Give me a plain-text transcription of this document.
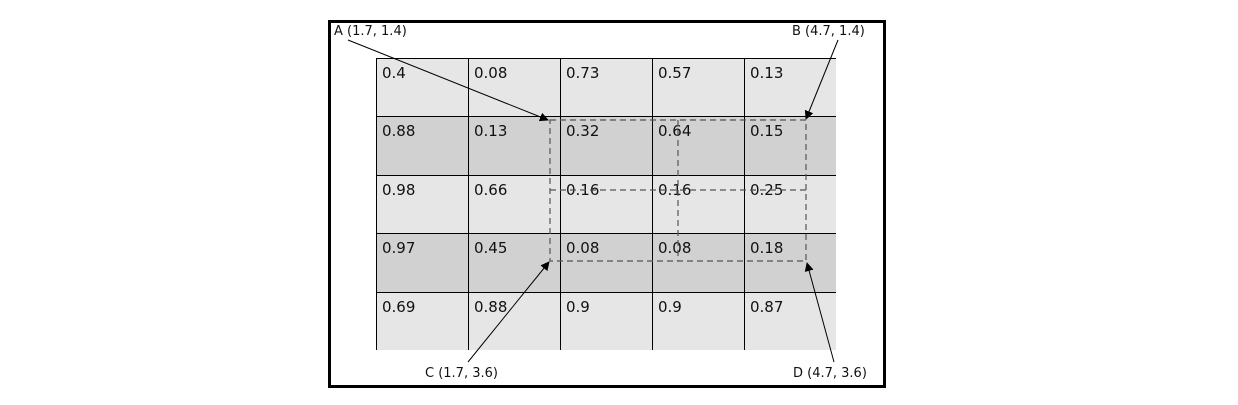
0.4	0.08	0.73	0.57	0.13
0.88	0.13	0.32	0.64	0.15
0.98	0.66	0.16	0.16	0.25
0.97	0.45	0.08	0.08	0.18
0.69	0.88	0.9	0.9	0.87
A (1.7, 1.4)	B (4.7, 1.4)
C (1.7, 3.6)	D (4.7, 3.6)
